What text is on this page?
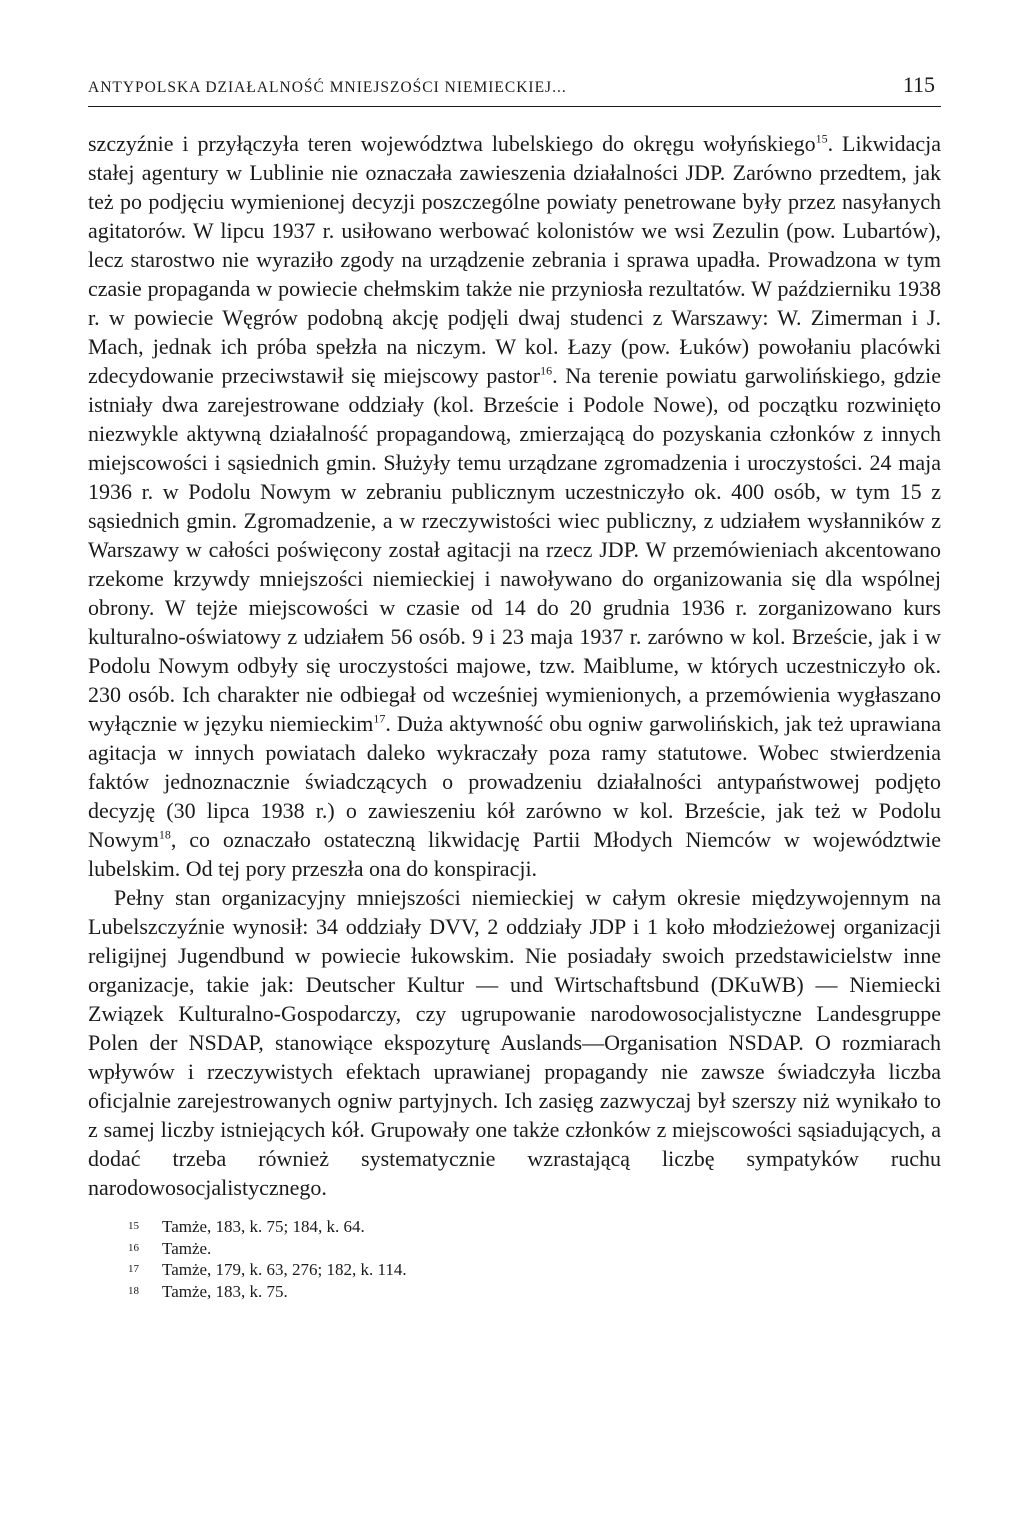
ANTYPOLSKA DZIAŁALNOŚĆ MNIEJSZOŚCI NIEMIECKIEJ...	115

szczyźnie i przyłączyła teren województwa lubelskiego do okręgu wołyńskiego$^{15}$. Likwidacja stałej agentury w Lublinie nie oznaczała zawieszenia działalności JDP. Zarówno przedtem, jak też po podjęciu wymienionej decyzji poszczególne powiaty penetrowane były przez nasyłanych agitatorów. W lipcu 1937 r. usiłowano werbować kolonistów we wsi Zezulin (pow. Lubartów), lecz starostwo nie wyraziło zgody na urządzenie zebrania i sprawa upadła. Prowadzona w tym czasie propaganda w powiecie chełmskim także nie przyniosła rezultatów. W październiku 1938 r. w powiecie Węgrów podobną akcję podjęli dwaj studenci z Warszawy: W. Zimerman i J. Mach, jednak ich próba spełzła na niczym. W kol. Łazy (pow. Łuków) powołaniu placówki zdecydowanie przeciwstawił się miejscowy pastor$^{16}$. Na terenie powiatu garwolińskiego, gdzie istniały dwa zarejestrowane oddziały (kol. Brzeście i Podole Nowe), od początku rozwinięto niezwykle aktywną działalność propagandową, zmierzającą do pozyskania członków z innych miejscowości i sąsiednich gmin. Służyły temu urządzane zgromadzenia i uroczystości. 24 maja 1936 r. w Podolu Nowym w zebraniu publicznym uczestniczyło ok. 400 osób, w tym 15 z sąsiednich gmin. Zgromadzenie, a w rzeczywistości wiec publiczny, z udziałem wysłanników z Warszawy w całości poświęcony został agitacji na rzecz JDP. W przemówieniach akcentowano rzekome krzywdy mniejszości niemieckiej i nawoływano do organizowania się dla wspólnej obrony. W tejże miejscowości w czasie od 14 do 20 grudnia 1936 r. zorganizowano kurs kulturalno-oświatowy z udziałem 56 osób. 9 i 23 maja 1937 r. zarówno w kol. Brzeście, jak i w Podolu Nowym odbyły się uroczystości majowe, tzw. Maiblume, w których uczestniczyło ok. 230 osób. Ich charakter nie odbiegał od wcześniej wymienionych, a przemówienia wygłaszano wyłącznie w języku niemieckim$^{17}$. Duża aktywność obu ogniw garwolińskich, jak też uprawiana agitacja w innych powiatach daleko wykraczały poza ramy statutowe. Wobec stwierdzenia faktów jednoznacznie świadczących o prowadzeniu działalności antypaństwowej podjęto decyzję (30 lipca 1938 r.) o zawieszeniu kół zarówno w kol. Brzeście, jak też w Podolu Nowym$^{18}$, co oznaczało ostateczną likwidację Partii Młodych Niemców w województwie lubelskim. Od tej pory przeszła ona do konspiracji.

Pełny stan organizacyjny mniejszości niemieckiej w całym okresie międzywojennym na Lubelszczyźnie wynosił: 34 oddziały DVV, 2 oddziały JDP i 1 koło młodzieżowej organizacji religijnej Jugendbund w powiecie łukowskim. Nie posiadały swoich przedstawicielstw inne organizacje, takie jak: Deutscher Kultur — und Wirtschaftsbund (DKuWB) — Niemiecki Związek Kulturalno-Gospodarczy, czy ugrupowanie narodowosocjalistyczne Landesgruppe Polen der NSDAP, stanowiące ekspozyturę Auslands—Organisation NSDAP. O rozmiarach wpływów i rzeczywistych efektach uprawianej propagandy nie zawsze świadczyła liczba oficjalnie zarejestrowanych ogniw partyjnych. Ich zasięg zazwyczaj był szerszy niż wynikało to z samej liczby istniejących kół. Grupowały one także członków z miejscowości sąsiadujących, a dodać trzeba również systematycznie wzrastającą liczbę sympatyków ruchu narodowosocjalistycznego.

15	Tamże, 183, k. 75; 184, k. 64.
16	Tamże.
17	Tamże, 179, k. 63, 276; 182, k. 114.
18	Tamże, 183, k. 75.
